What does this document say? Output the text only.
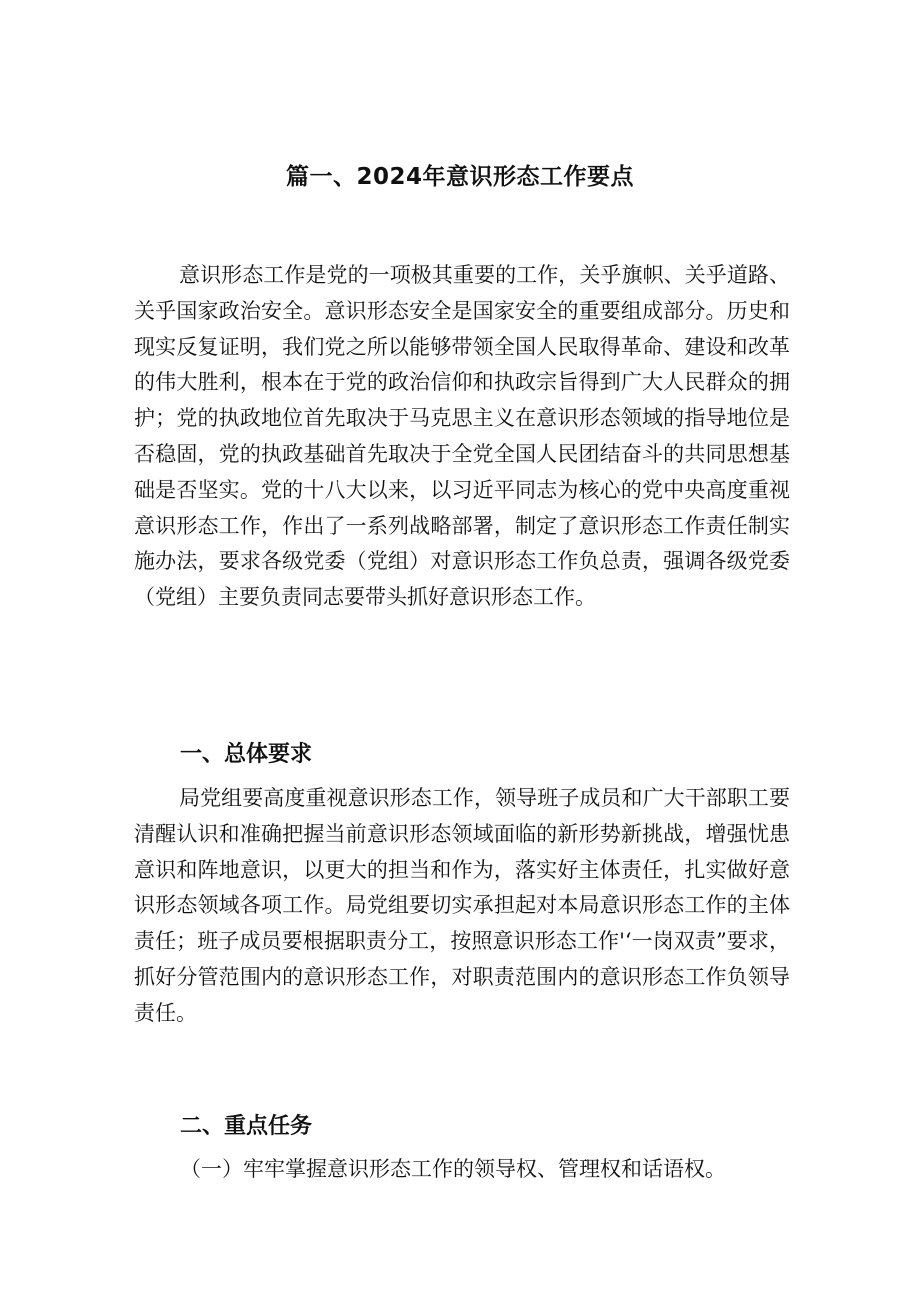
篇一、2024年意识形态工作要点

意识形态工作是党的一项极其重要的工作，关乎旗帜、关乎道路、关乎国家政治安全。意识形态安全是国家安全的重要组成部分。历史和现实反复证明，我们党之所以能够带领全国人民取得革命、建设和改革的伟大胜利，根本在于党的政治信仰和执政宗旨得到广大人民群众的拥护；党的执政地位首先取决于马克思主义在意识形态领域的指导地位是否稳固，党的执政基础首先取决于全党全国人民团结奋斗的共同思想基础是否坚实。党的十八大以来，以习近平同志为核心的党中央高度重视意识形态工作，作出了一系列战略部署，制定了意识形态工作责任制实施办法，要求各级党委（党组）对意识形态工作负总责，强调各级党委（党组）主要负责同志要带头抓好意识形态工作。

一、总体要求

局党组要高度重视意识形态工作，领导班子成员和广大干部职工要清醒认识和准确把握当前意识形态领域面临的新形势新挑战，增强忧患意识和阵地意识，以更大的担当和作为，落实好主体责任，扎实做好意识形态领域各项工作。局党组要切实承担起对本局意识形态工作的主体责任；班子成员要根据职责分工，按照意识形态工作'‘一岗双责”要求，抓好分管范围内的意识形态工作，对职责范围内的意识形态工作负领导责任。

二、重点任务

（一）牢牢掌握意识形态工作的领导权、管理权和话语权。
